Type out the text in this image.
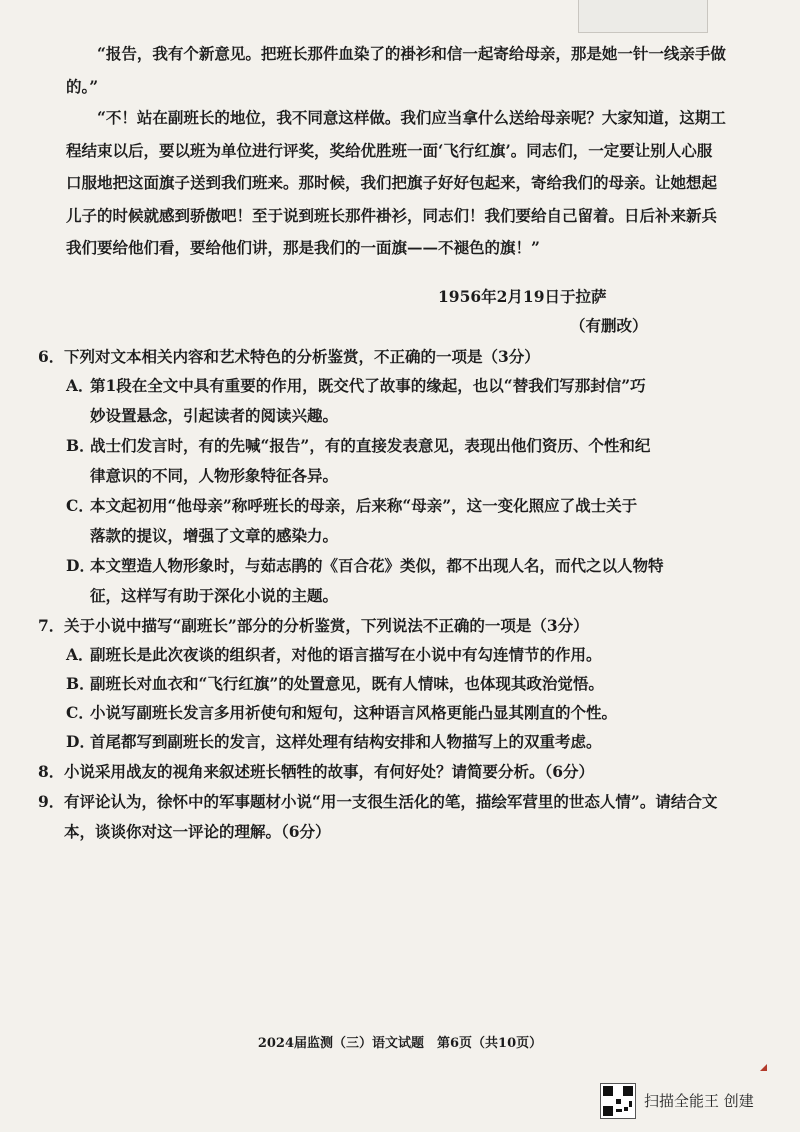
“报告，我有个新意见。把班长那件血染了的褂衫和信一起寄给母亲，那是她一针一线亲手做的。”
“不！站在副班长的地位，我不同意这样做。我们应当拿什么送给母亲呢？大家知道，这期工程结束以后，要以班为单位进行评奖，奖给优胜班一面‘飞行红旗’。同志们，一定要让别人心服口服地把这面旗子送到我们班来。那时候，我们把旗子好好包起来，寄给我们的母亲。让她想起儿子的时候就感到骄傲吧！至于说到班长那件褂衫，同志们！我们要给自己留着。日后补来新兵我们要给他们看，要给他们讲，那是我们的一面旗——不褪色的旗！”
1956年2月19日于拉萨
（有删改）
6．下列对文本相关内容和艺术特色的分析鉴赏，不正确的一项是（3分）
A．第1段在全文中具有重要的作用，既交代了故事的缘起，也以“替我们写那封信”巧
妙设置悬念，引起读者的阅读兴趣。
B．战士们发言时，有的先喊“报告”，有的直接发表意见，表现出他们资历、个性和纪
律意识的不同，人物形象特征各异。
C．本文起初用“他母亲”称呼班长的母亲，后来称“母亲”，这一变化照应了战士关于
落款的提议，增强了文章的感染力。
D．本文塑造人物形象时，与茹志鹃的《百合花》类似，都不出现人名，而代之以人物特
征，这样写有助于深化小说的主题。
7．关于小说中描写“副班长”部分的分析鉴赏，下列说法不正确的一项是（3分）
A．副班长是此次夜谈的组织者，对他的语言描写在小说中有勾连情节的作用。
B．副班长对血衣和“飞行红旗”的处置意见，既有人情味，也体现其政治觉悟。
C．小说写副班长发言多用祈使句和短句，这种语言风格更能凸显其刚直的个性。
D．首尾都写到副班长的发言，这样处理有结构安排和人物描写上的双重考虑。
8．小说采用战友的视角来叙述班长牺牲的故事，有何好处？请简要分析。（6分）
9．有评论认为，徐怀中的军事题材小说“用一支很生活化的笔，描绘军营里的世态人情”。请结合文本，谈谈你对这一评论的理解。（6分）
2024届监测（三）语文试题　第6页（共10页）
扫描全能王 创建
